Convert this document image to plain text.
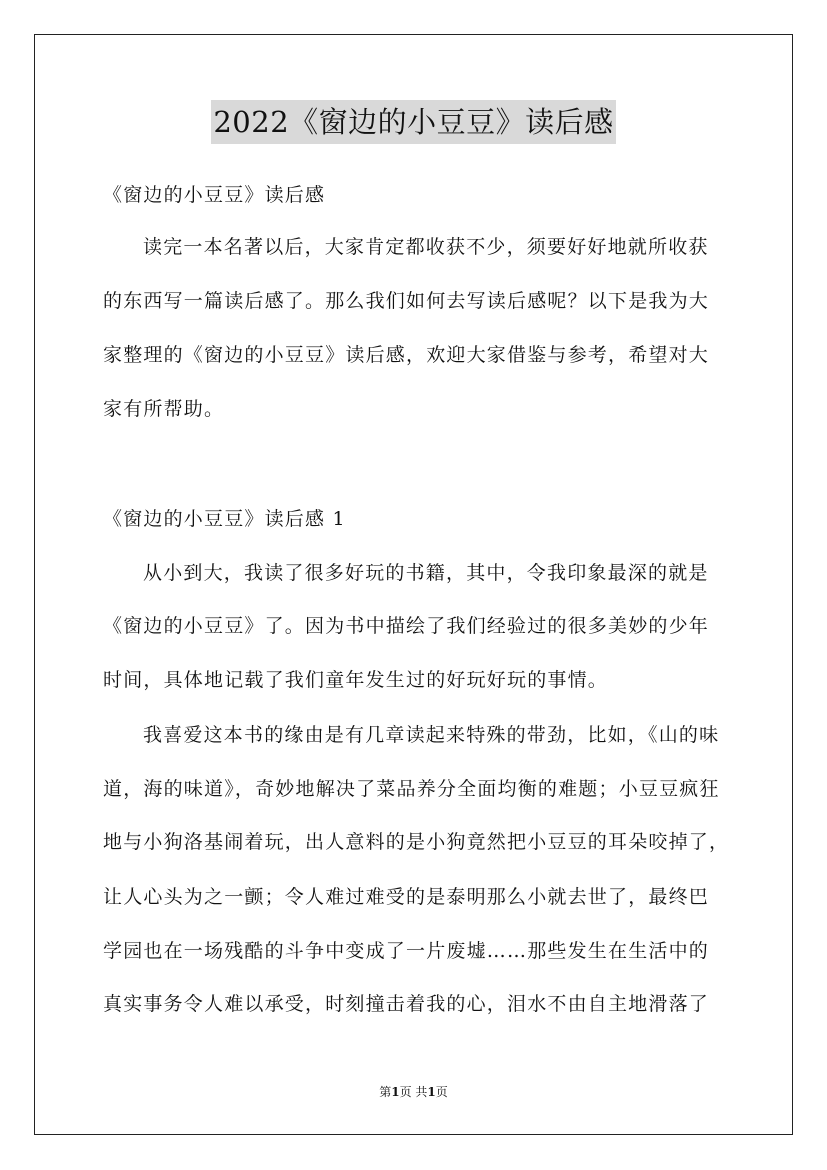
2022《窗边的小豆豆》读后感
《窗边的小豆豆》读后感
读完一本名著以后，大家肯定都收获不少，须要好好地就所收获
的东西写一篇读后感了。那么我们如何去写读后感呢？以下是我为大
家整理的《窗边的小豆豆》读后感，欢迎大家借鉴与参考，希望对大
家有所帮助。
《窗边的小豆豆》读后感 1
从小到大，我读了很多好玩的书籍，其中，令我印象最深的就是
《窗边的小豆豆》了。因为书中描绘了我们经验过的很多美妙的少年
时间，具体地记载了我们童年发生过的好玩好玩的事情。
我喜爱这本书的缘由是有几章读起来特殊的带劲，比如，《山的味
道，海的味道》，奇妙地解决了菜品养分全面均衡的难题；小豆豆疯狂
地与小狗洛基闹着玩，出人意料的是小狗竟然把小豆豆的耳朵咬掉了，
让人心头为之一颤；令人难过难受的是泰明那么小就去世了，最终巴
学园也在一场残酷的斗争中变成了一片废墟……那些发生在生活中的
真实事务令人难以承受，时刻撞击着我的心，泪水不由自主地滑落了
第1页 共1页
